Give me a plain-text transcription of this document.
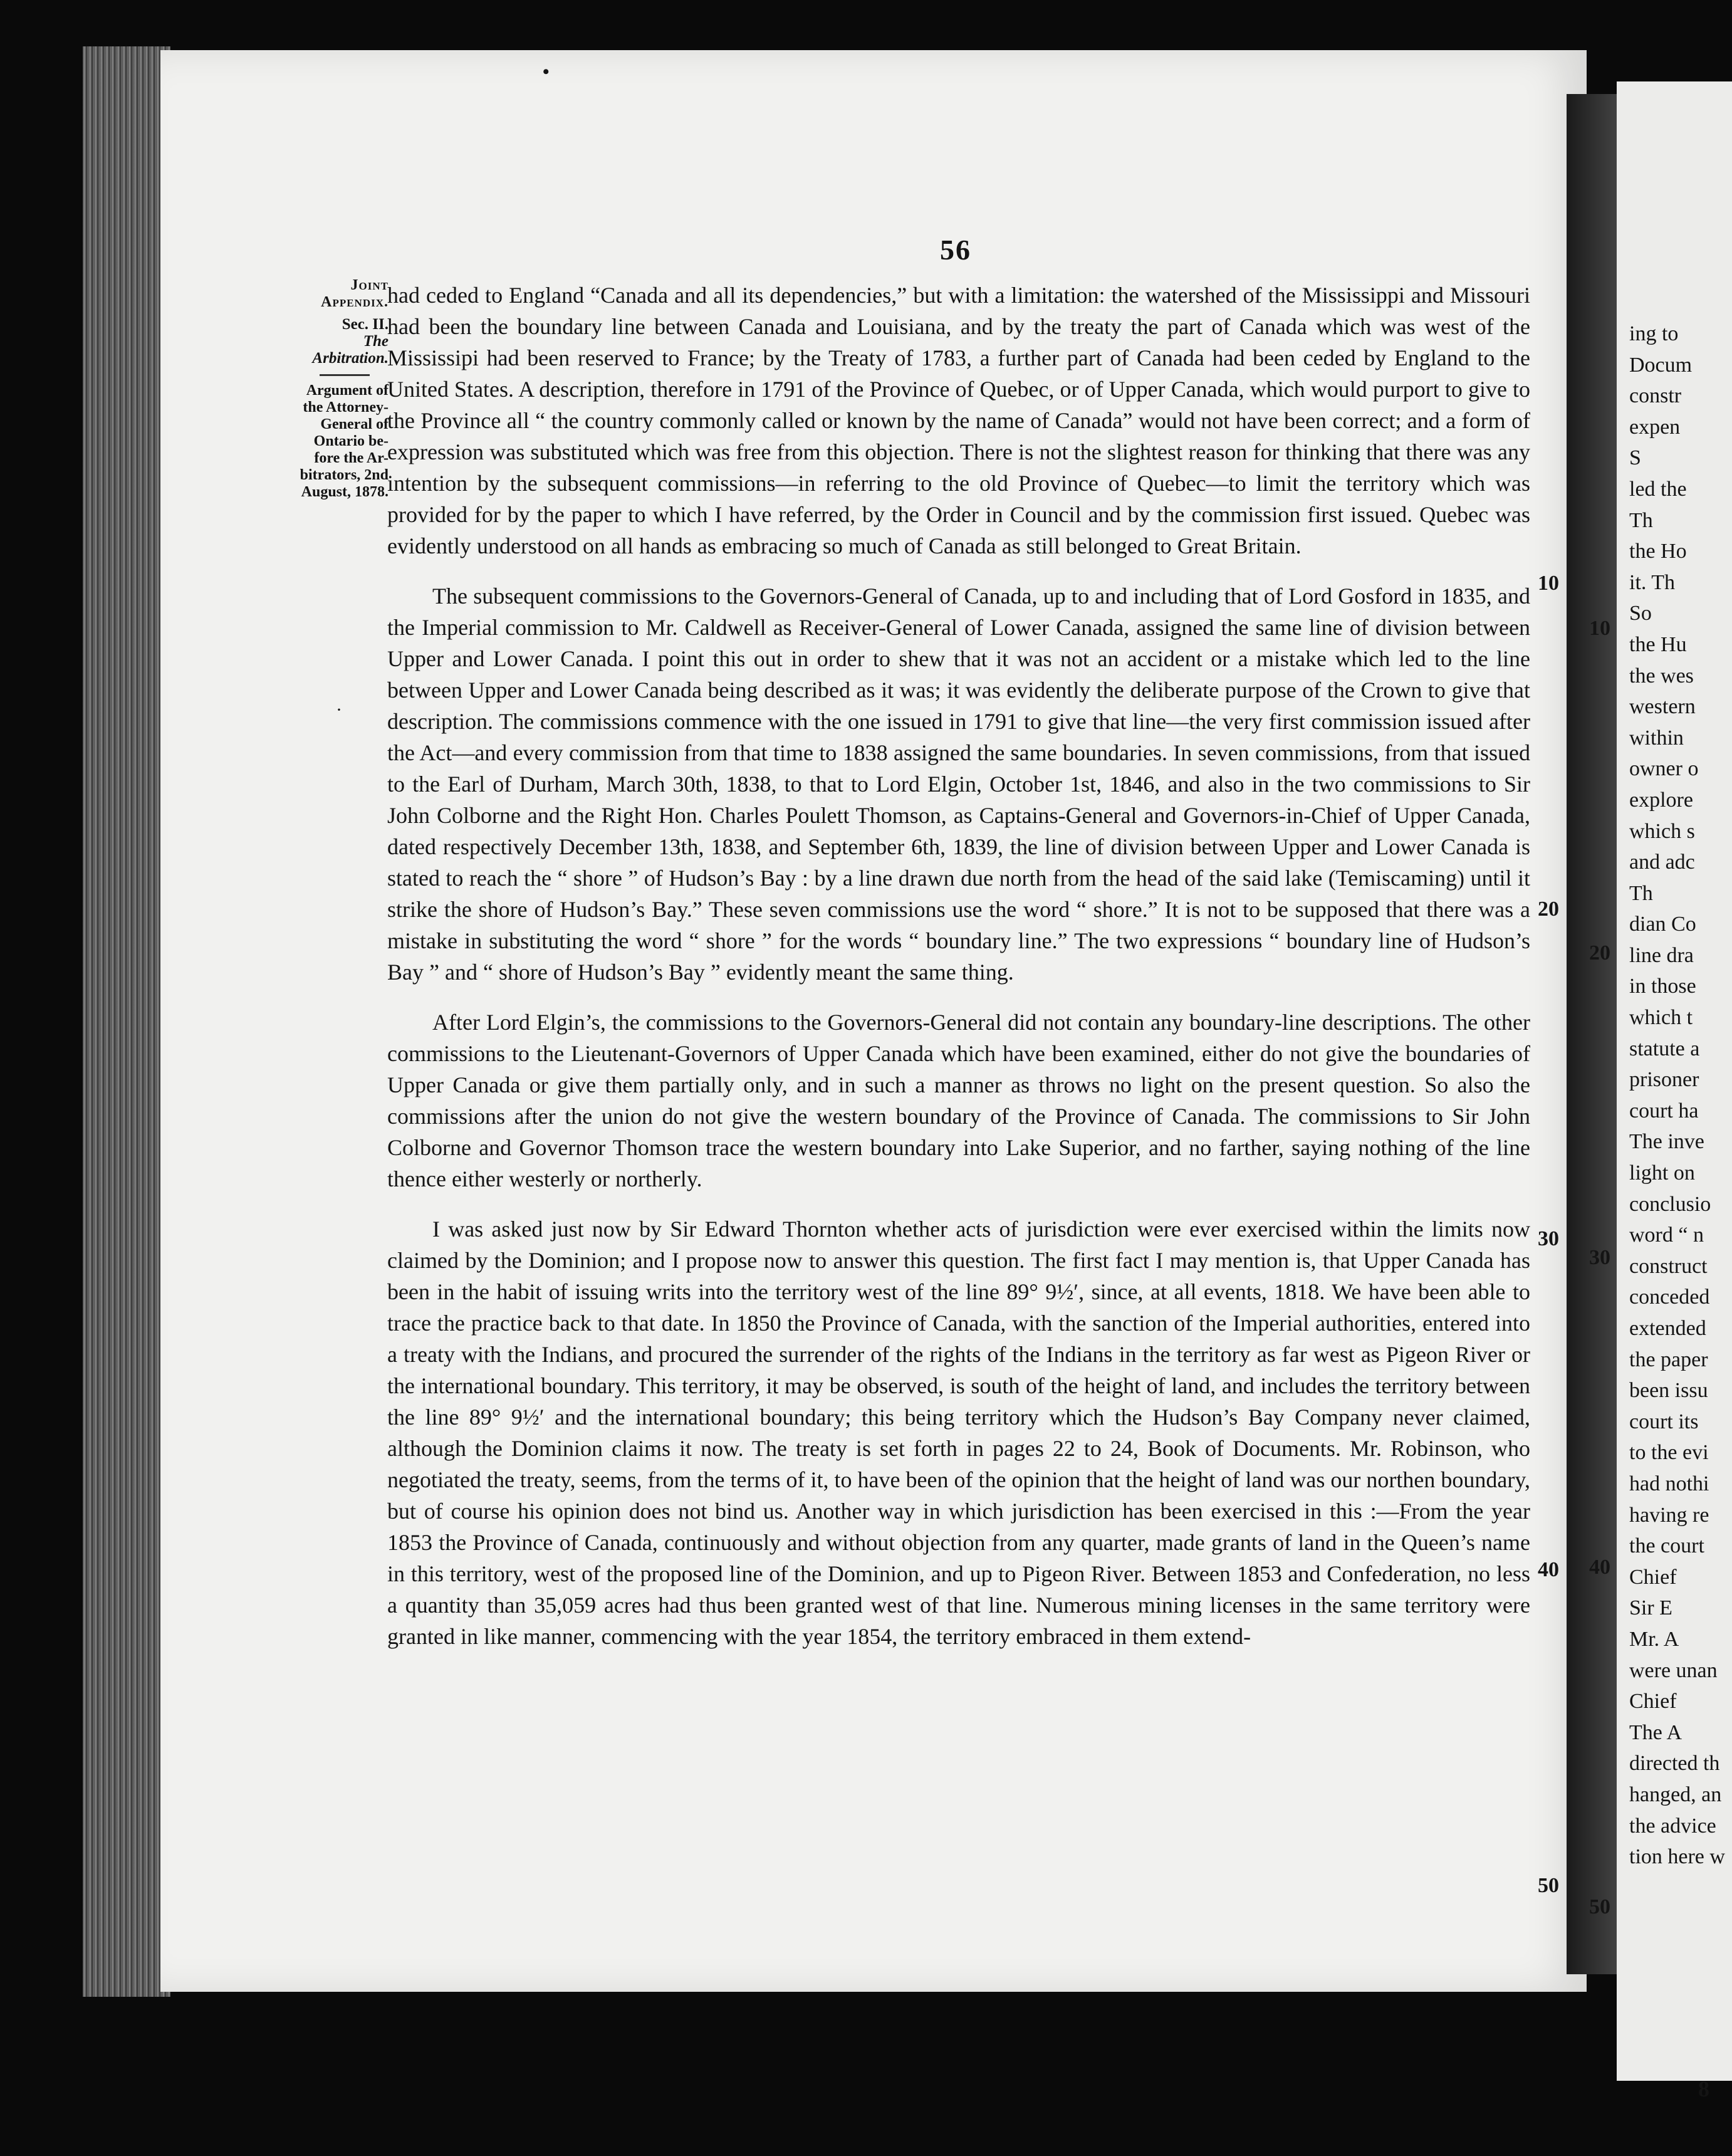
•
·
56
Joint
Appendix.
Sec. II.
The
Arbitration.
Argument of
the Attorney-
General of
Ontario be-
fore the Ar-
bitrators, 2nd
August, 1878.

had ceded to England “Canada and all its dependencies,” but with a limitation: the watershed of the Mississippi and Missouri had been the boundary line between Canada and Louisiana, and by the treaty the part of Canada which was west of the Mississipi had been reserved to France; by the Treaty of 1783, a further part of Canada had been ceded by England to the United States. A description, therefore in 1791 of the Province of Quebec, or of Upper Canada, which would purport to give to the Province all “ the country commonly called or known by the name of Canada” would not have been correct; and a form of expression was substituted which was free from this objection. There is not the slightest reason for thinking that there was any intention by the subsequent commissions—in referring to the old Province of Quebec—to limit the territory which was provided for by the paper to which I have referred, by the Order in Council and by the commission first issued. Quebec was evidently understood on all hands as embracing so much of Canada as still belonged to Great Britain.

The subsequent commissions to the Governors-General of Canada, up to and including that of Lord Gosford in 1835, and the Imperial commission to Mr. Caldwell as Receiver-General of Lower Canada, assigned the same line of division between Upper and Lower Canada. I point this out in order to shew that it was not an accident or a mistake which led to the line between Upper and Lower Canada being described as it was; it was evidently the deliberate purpose of the Crown to give that description. The commissions commence with the one issued in 1791 to give that line—the very first commission issued after the Act—and every commission from that time to 1838 assigned the same boundaries. In seven commissions, from that issued to the Earl of Durham, March 30th, 1838, to that to Lord Elgin, October 1st, 1846, and also in the two commissions to Sir John Colborne and the Right Hon. Charles Poulett Thomson, as Captains-General and Governors-in-Chief of Upper Canada, dated respectively December 13th, 1838, and September 6th, 1839, the line of division between Upper and Lower Canada is stated to reach the “ shore ” of Hudson’s Bay : by a line drawn due north from the head of the said lake (Temiscaming) until it strike the shore of Hudson’s Bay.” These seven commissions use the word “ shore.” It is not to be supposed that there was a mistake in substituting the word “ shore ” for the words “ boundary line.” The two expressions “ boundary line of Hudson’s Bay ” and “ shore of Hudson’s Bay ” evidently meant the same thing.

After Lord Elgin’s, the commissions to the Governors-General did not contain any boundary-line descriptions. The other commissions to the Lieutenant-Governors of Upper Canada which have been examined, either do not give the boundaries of Upper Canada or give them partially only, and in such a manner as throws no light on the present question. So also the commissions after the union do not give the western boundary of the Province of Canada. The commissions to Sir John Colborne and Governor Thomson trace the western boundary into Lake Superior, and no farther, saying nothing of the line thence either westerly or northerly.

I was asked just now by Sir Edward Thornton whether acts of jurisdiction were ever exercised within the limits now claimed by the Dominion; and I propose now to answer this question. The first fact I may mention is, that Upper Canada has been in the habit of issuing writs into the territory west of the line 89° 9½′, since, at all events, 1818. We have been able to trace the practice back to that date. In 1850 the Province of Canada, with the sanction of the Imperial authorities, entered into a treaty with the Indians, and procured the surrender of the rights of the Indians in the territory as far west as Pigeon River or the international boundary. This territory, it may be observed, is south of the height of land, and includes the territory between the line 89° 9½′ and the international boundary; this being territory which the Hudson’s Bay Company never claimed, although the Dominion claims it now. The treaty is set forth in pages 22 to 24, Book of Documents. Mr. Robinson, who negotiated the treaty, seems, from the terms of it, to have been of the opinion that the height of land was our northen boundary, but of course his opinion does not bind us. Another way in which jurisdiction has been exercised in this :—From the year 1853 the Province of Canada, continuously and without objection from any quarter, made grants of land in the Queen’s name in this territory, west of the proposed line of the Dominion, and up to Pigeon River. Between 1853 and Confederation, no less a quantity than 35,059 acres had thus been granted west of that line. Numerous mining licenses in the same territory were granted in like manner, commencing with the year 1854, the territory embraced in them extend-

10
20
30
40
50
ing to
Docum
constr
expen
S
led the
Th
the Ho
it. Th
So
the Hu
the wes
western
within
owner o
explore
which s
and adc
Th
dian Co
line dra
in those
which t
statute a
prisoner
court ha
The inve
light on
conclusio
word “ n
construct
conceded
extended
the paper
been issu
court its
to the evi
had nothi
having re
the court
Chief
Sir E
Mr. A
were unan
Chief
The A
directed th
hanged, an
the advice
tion here w
10
20
30
40
50
8
